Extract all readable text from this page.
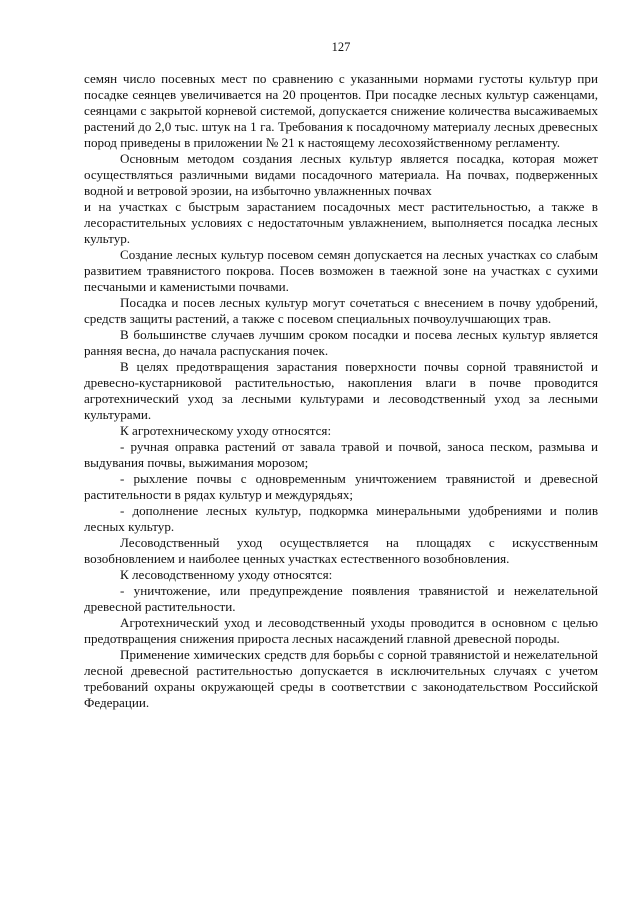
127

семян число посевных мест по сравнению с указанными нормами густоты культур при посадке сеянцев увеличивается на 20 процентов. При посадке лесных культур саженцами, сеянцами с закрытой корневой системой, допускается снижение количества высаживаемых растений до 2,0 тыс. штук на 1 га. Требования к посадочному материалу лесных древесных пород приведены в приложении № 21 к настоящему лесохозяйственному регламенту.

Основным методом создания лесных культур является посадка, которая может осуществляться различными видами посадочного материала. На почвах, подверженных водной и ветровой эрозии, на избыточно увлажненных почвах

и на участках с быстрым зарастанием посадочных мест растительностью, а также в лесорастительных условиях с недостаточным увлажнением, выполняется посадка лесных культур.

Создание лесных культур посевом семян допускается на лесных участках со слабым развитием травянистого покрова. Посев возможен в таежной зоне на участках с сухими песчаными и каменистыми почвами.

Посадка и посев лесных культур могут сочетаться с внесением в почву удобрений, средств защиты растений, а также с посевом специальных почвоулучшающих трав.

В большинстве случаев лучшим сроком посадки и посева лесных культур является ранняя весна, до начала распускания почек.

В целях предотвращения зарастания поверхности почвы сорной травянистой и древесно-кустарниковой растительностью, накопления влаги в почве проводится агротехнический уход за лесными культурами и лесоводственный уход за лесными культурами.

К агротехническому уходу относятся:

- ручная оправка растений от завала травой и почвой, заноса песком, размыва и выдувания почвы, выжимания морозом;

- рыхление почвы с одновременным уничтожением травянистой и древесной растительности в рядах культур и междурядьях;

- дополнение лесных культур, подкормка минеральными удобрениями и полив лесных культур.

Лесоводственный уход осуществляется на площадях с искусственным возобновлением и наиболее ценных участках естественного возобновления.

К лесоводственному уходу относятся:

- уничтожение, или предупреждение появления травянистой и нежелательной древесной растительности.

Агротехнический уход и лесоводственный уходы проводится в основном с целью предотвращения снижения прироста лесных насаждений главной древесной породы.

Применение химических средств для борьбы с сорной травянистой и нежелательной лесной древесной растительностью допускается в исключительных случаях с учетом требований охраны окружающей среды в соответствии с законодательством Российской Федерации.
